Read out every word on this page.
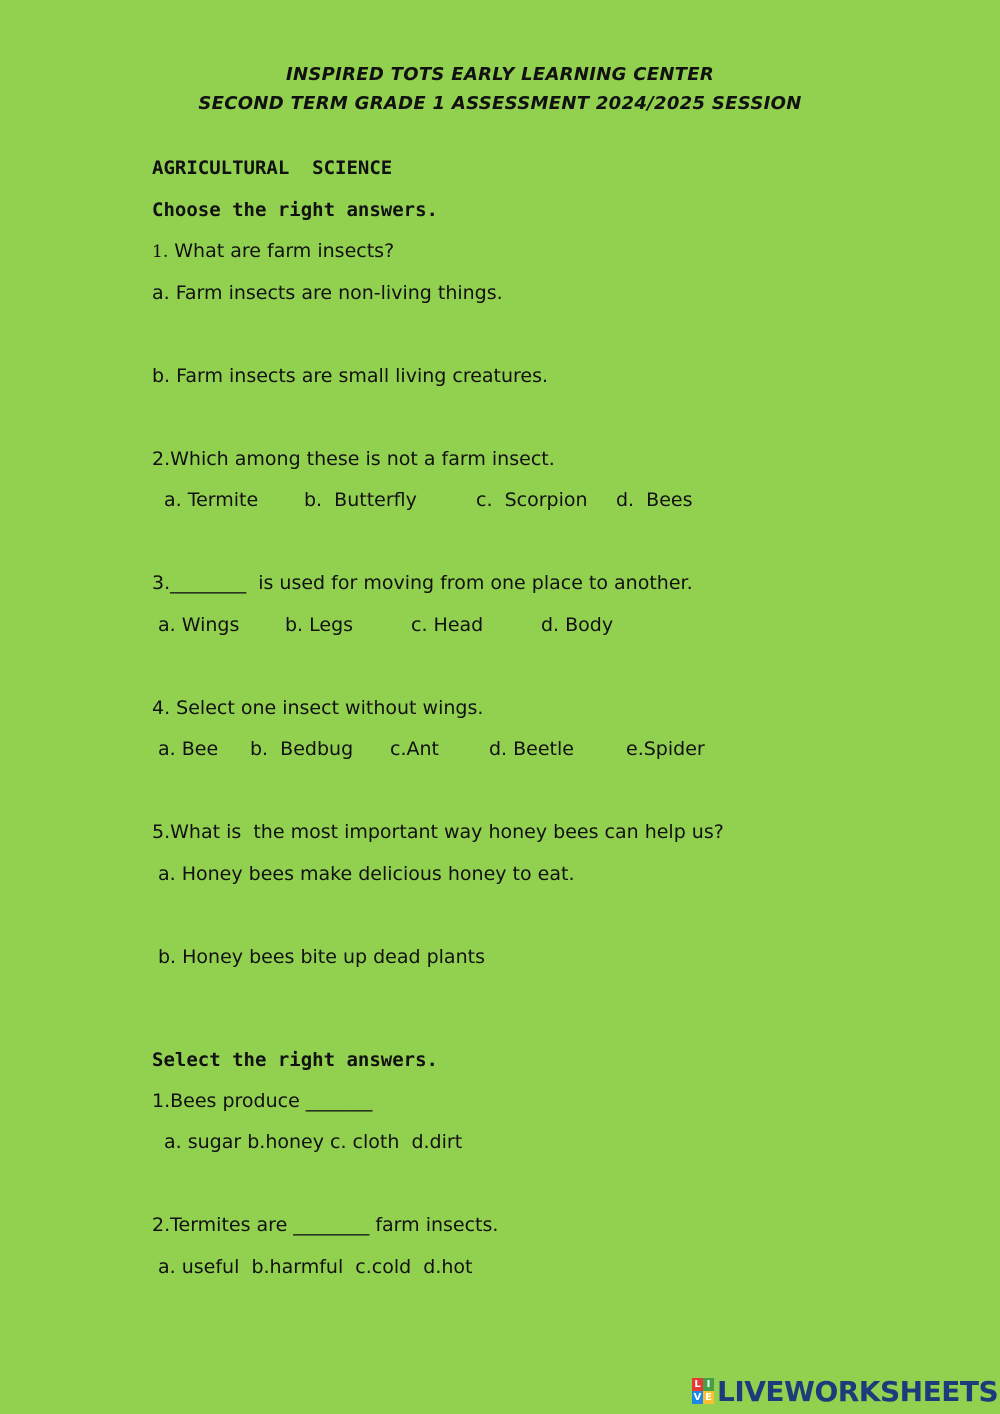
INSPIRED TOTS EARLY LEARNING CENTER
SECOND TERM GRADE 1 ASSESSMENT 2024/2025 SESSION
AGRICULTURAL  SCIENCE
Choose the right answers.
1. What are farm insects?
a. Farm insects are non-living things.
b. Farm insects are small living creatures.
2.Which among these is not a farm insect.
a. Termite b.  Butterfly	c.  Scorpion d.  Bees
3.________  is used for moving from one place to another.
a. Wings b. Legs	c. Head	d. Body
4. Select one insect without wings.
a. Bee b.  Bedbug c.Ant	d. Beetle	e.Spider
5.What is  the most important way honey bees can help us?
a. Honey bees make delicious honey to eat.
b. Honey bees bite up dead plants
Select the right answers.
1.Bees produce _______
a. sugar b.honey c. cloth  d.dirt
2.Termites are ________ farm insects.
a. useful  b.harmful  c.cold  d.hot
L I
V E LIVEWORKSHEETS
